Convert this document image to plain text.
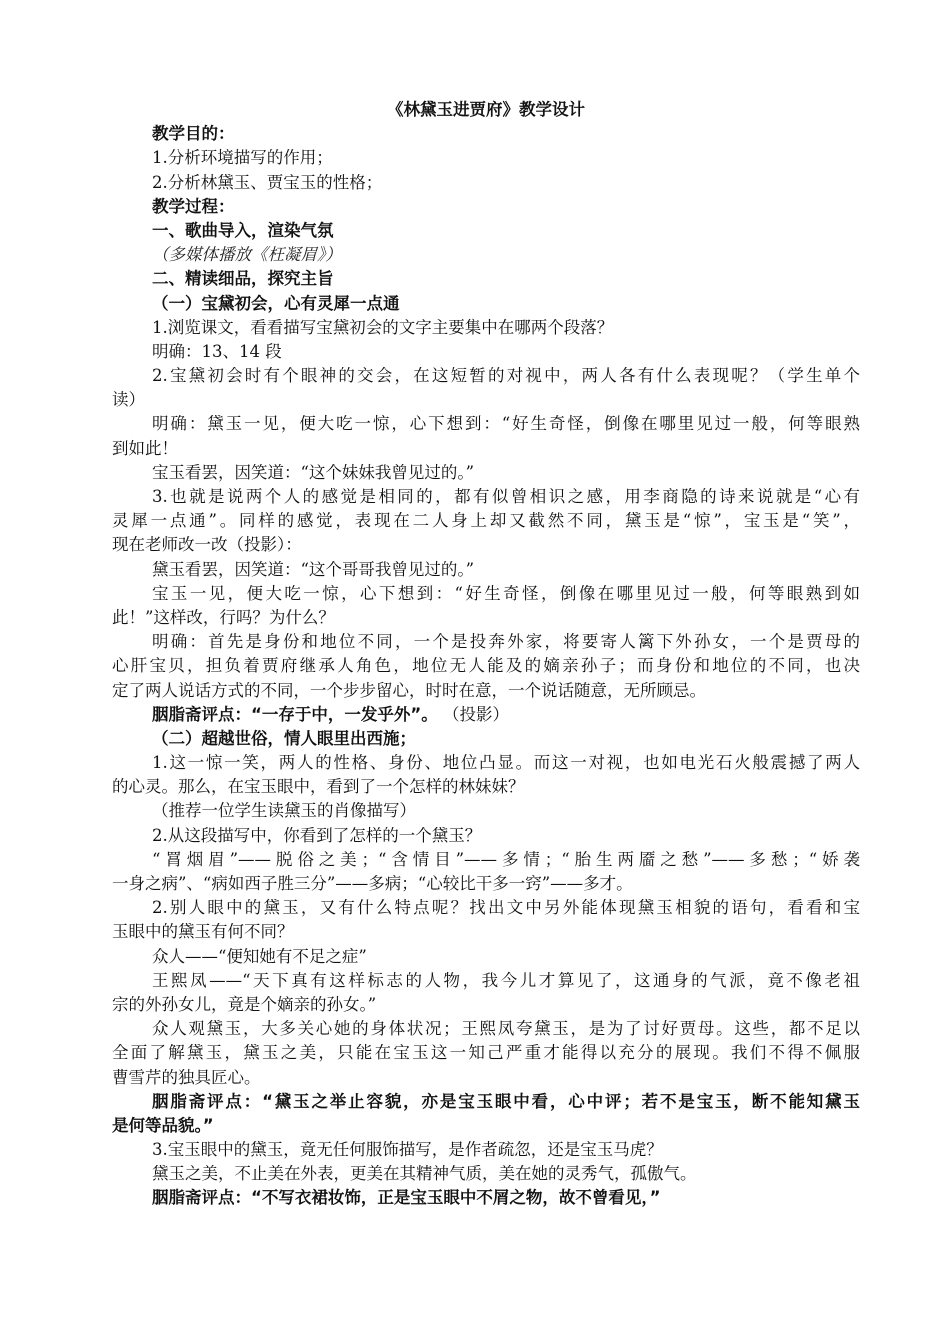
《林黛玉进贾府》教学设计
教学目的：
1.分析环境描写的作用；
2.分析林黛玉、贾宝玉的性格；
教学过程：
一、歌曲导入，渲染气氛
（多媒体播放《枉凝眉》）
二、精读细品，探究主旨
（一）宝黛初会，心有灵犀一点通
1.浏览课文，看看描写宝黛初会的文字主要集中在哪两个段落？
明确：13、14 段
2.宝黛初会时有个眼神的交会，在这短暂的对视中，两人各有什么表现呢？（学生单个
读）
明确：黛玉一见，便大吃一惊，心下想到：“好生奇怪，倒像在哪里见过一般，何等眼熟
到如此！
宝玉看罢，因笑道：“这个妹妹我曾见过的。”
3.也就是说两个人的感觉是相同的，都有似曾相识之感，用李商隐的诗来说就是“心有
灵犀一点通”。同样的感觉，表现在二人身上却又截然不同，黛玉是“惊”，宝玉是“笑”，
现在老师改一改（投影）：
黛玉看罢，因笑道：“这个哥哥我曾见过的。”
宝玉一见，便大吃一惊，心下想到：“好生奇怪，倒像在哪里见过一般，何等眼熟到如
此！”这样改，行吗？为什么？
明确：首先是身份和地位不同，一个是投奔外家，将要寄人篱下外孙女，一个是贾母的
心肝宝贝，担负着贾府继承人角色，地位无人能及的嫡亲孙子；而身份和地位的不同，也决
定了两人说话方式的不同，一个步步留心，时时在意，一个说话随意，无所顾忌。
胭脂斋评点：“一存于中，一发乎外”。 （投影）
（二）超越世俗，情人眼里出西施；
1.这一惊一笑，两人的性格、身份、地位凸显。而这一对视，也如电光石火般震撼了两人
的心灵。那么，在宝玉眼中，看到了一个怎样的林妹妹？
（推荐一位学生读黛玉的肖像描写）
2.从这段描写中，你看到了怎样的一个黛玉？
“罥烟眉”——脱俗之美；“含情目”——多情；“胎生两靥之愁”——多愁；“娇袭
一身之病”、“病如西子胜三分”——多病；“心较比干多一窍”——多才。
2.别人眼中的黛玉，又有什么特点呢？找出文中另外能体现黛玉相貌的语句，看看和宝
玉眼中的黛玉有何不同？
众人——“便知她有不足之症”
王熙凤——“天下真有这样标志的人物，我今儿才算见了，这通身的气派，竟不像老祖
宗的外孙女儿，竟是个嫡亲的孙女。”
众人观黛玉，大多关心她的身体状况；王熙凤夸黛玉，是为了讨好贾母。这些，都不足以
全面了解黛玉，黛玉之美，只能在宝玉这一知己严重才能得以充分的展现。我们不得不佩服
曹雪芹的独具匠心。
胭脂斋评点：“黛玉之举止容貌，亦是宝玉眼中看，心中评；若不是宝玉，断不能知黛玉
是何等品貌。”
3.宝玉眼中的黛玉，竟无任何服饰描写，是作者疏忽，还是宝玉马虎？
黛玉之美，不止美在外表，更美在其精神气质，美在她的灵秀气，孤傲气。
胭脂斋评点：“不写衣裙妆饰，正是宝玉眼中不屑之物，故不曾看见，”
